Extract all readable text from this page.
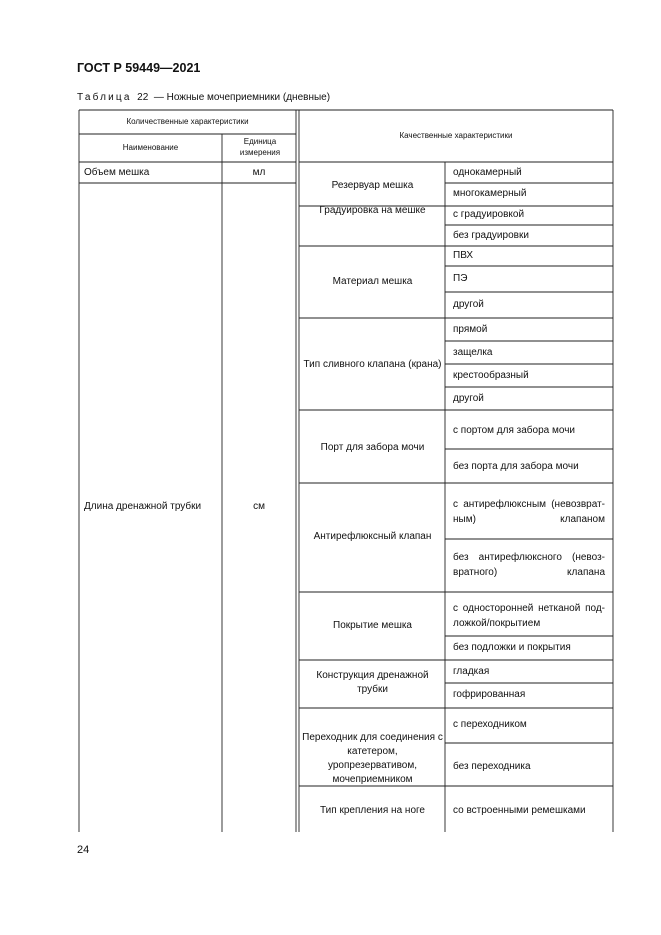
ГОСТ Р 59449—2021
Таблица 22 — Ножные мочеприемники (дневные)
Количественные характеристики
Наименование
Единица измерения
Качественные характеристики
Объем мешка	мл
Длина дренажной трубки	см
Резервуар мешка
Градуировка на мешке
Материал мешка
Тип сливного клапана (крана)
Порт для забора мочи
Антирефлюксный клапан
Покрытие мешка
Конструкция дренажной трубки
Переходник для соединения с катетером, уропрезервативом, мочеприемником
Тип крепления на ноге
однокамерный
многокамерный
с градуировкой
без градуировки
ПВХ
ПЭ
другой
прямой
защелка
крестообразный
другой
с портом для забора мочи
без порта для забора мочи
с антирефлюксным (невозврат-
ным) клапаном
без антирефлюксного (невоз-
вратного) клапана
с односторонней нетканой под-
ложкой/покрытием
без подложки и покрытия
гладкая
гофрированная
с переходником
без переходника
со встроенными ремешками
24
